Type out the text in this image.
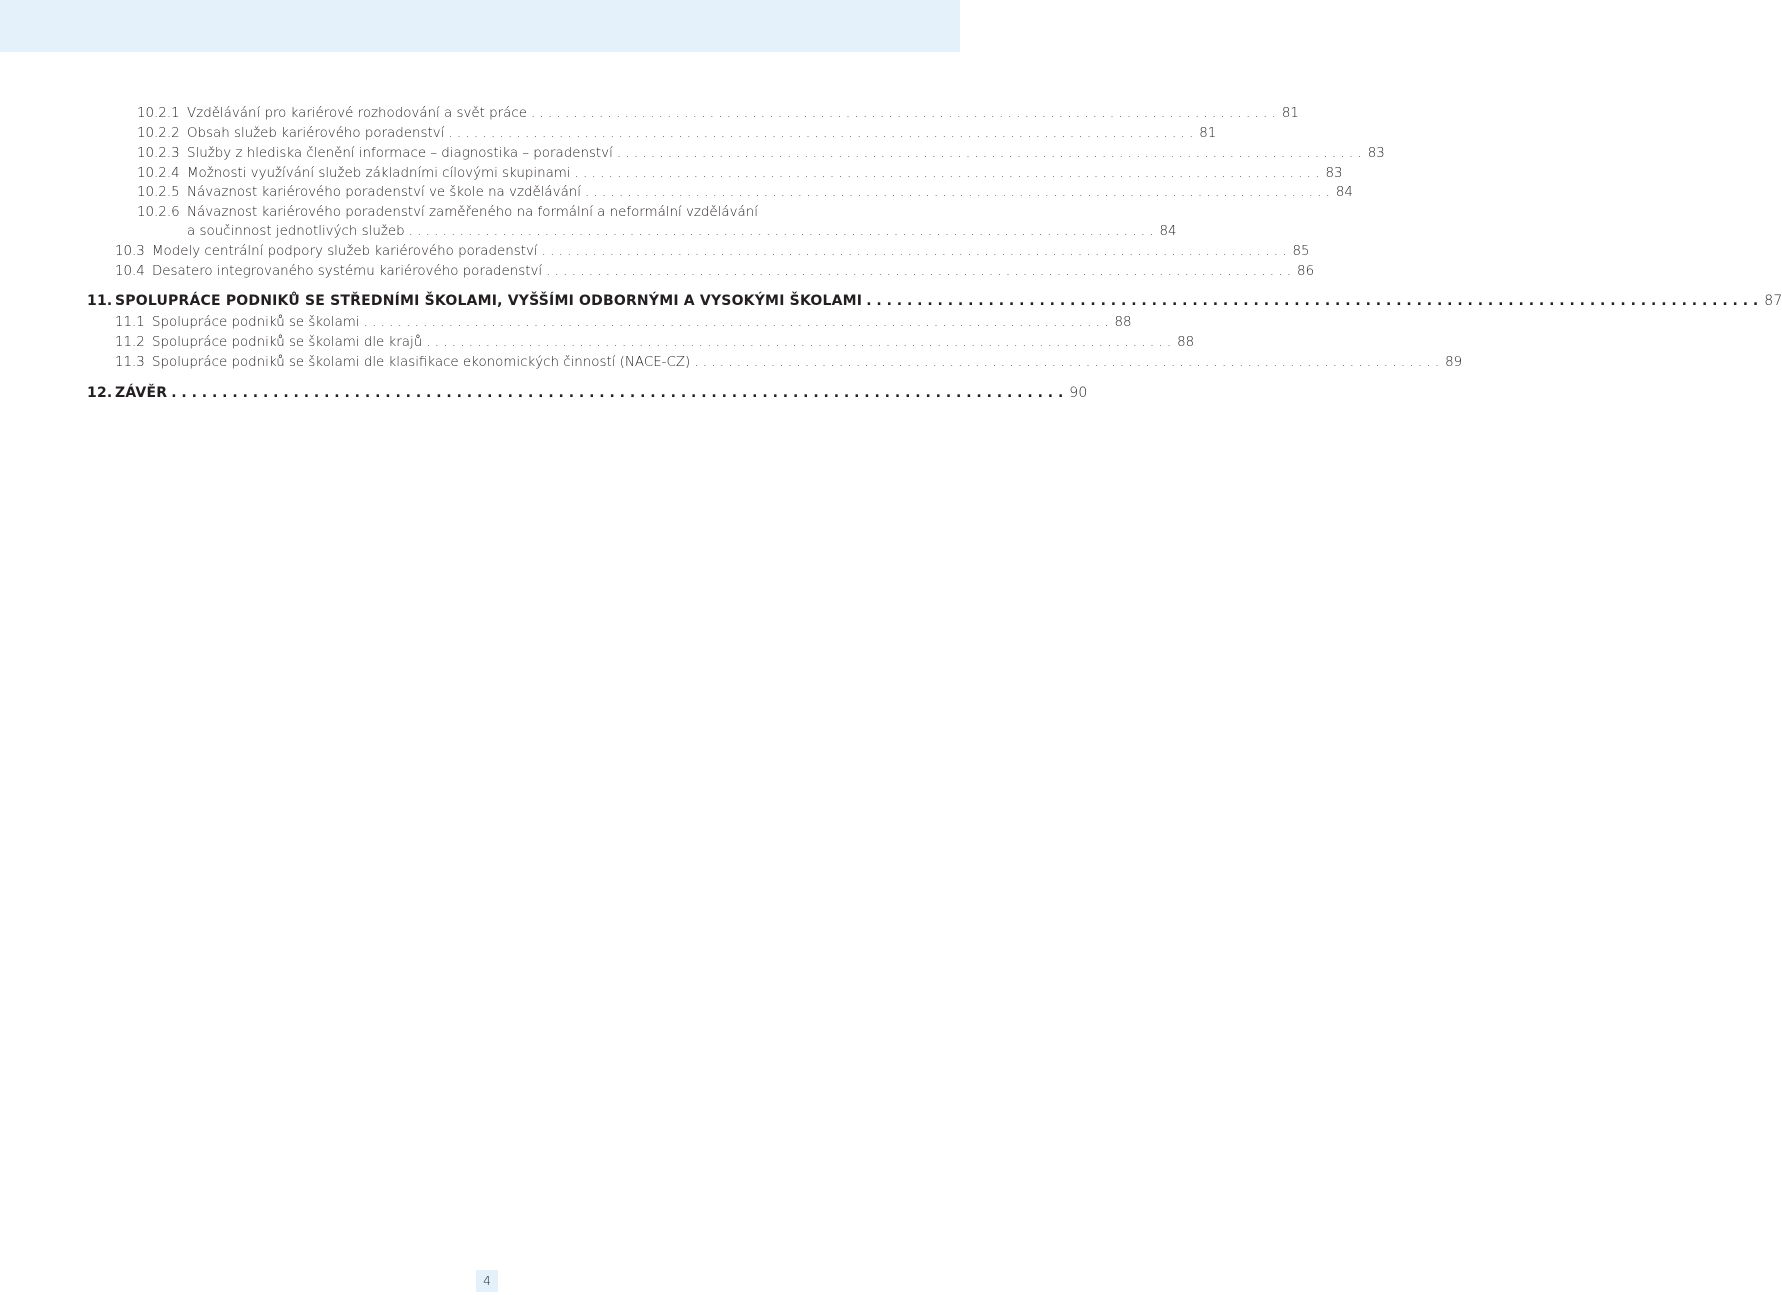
10.2.1 Vzdělávání pro kariérové rozhodování a svět práce . . .	81
10.2.2 Obsah služeb kariérového poradenství . . .	81
10.2.3 Služby z hlediska členění informace – diagnostika – poradenství . . .	83
10.2.4 Možnosti využívání služeb základními cílovými skupinami . . .	83
10.2.5 Návaznost kariérového poradenství ve škole na vzdělávání . . .	84
10.2.6 Návaznost kariérového poradenství zaměřeného na formální a neformální vzdělávání
a součinnost jednotlivých služeb . . .	84
10.3 Modely centrální podpory služeb kariérového poradenství . . .	85
10.4 Desatero integrovaného systému kariérového poradenství . . .	86
11. SPOLUPRÁCE PODNIKŮ SE STŘEDNÍMI ŠKOLAMI, VYŠŠÍMI ODBORNÝMI A VYSOKÝMI ŠKOLAMI . . .	87
11.1 Spolupráce podniků se školami . . .	88
11.2 Spolupráce podniků se školami dle krajů . . .	88
11.3 Spolupráce podniků se školami dle klasifikace ekonomických činností (NACE-CZ) . . .	89
12. ZÁVĚR . . .	90
4
